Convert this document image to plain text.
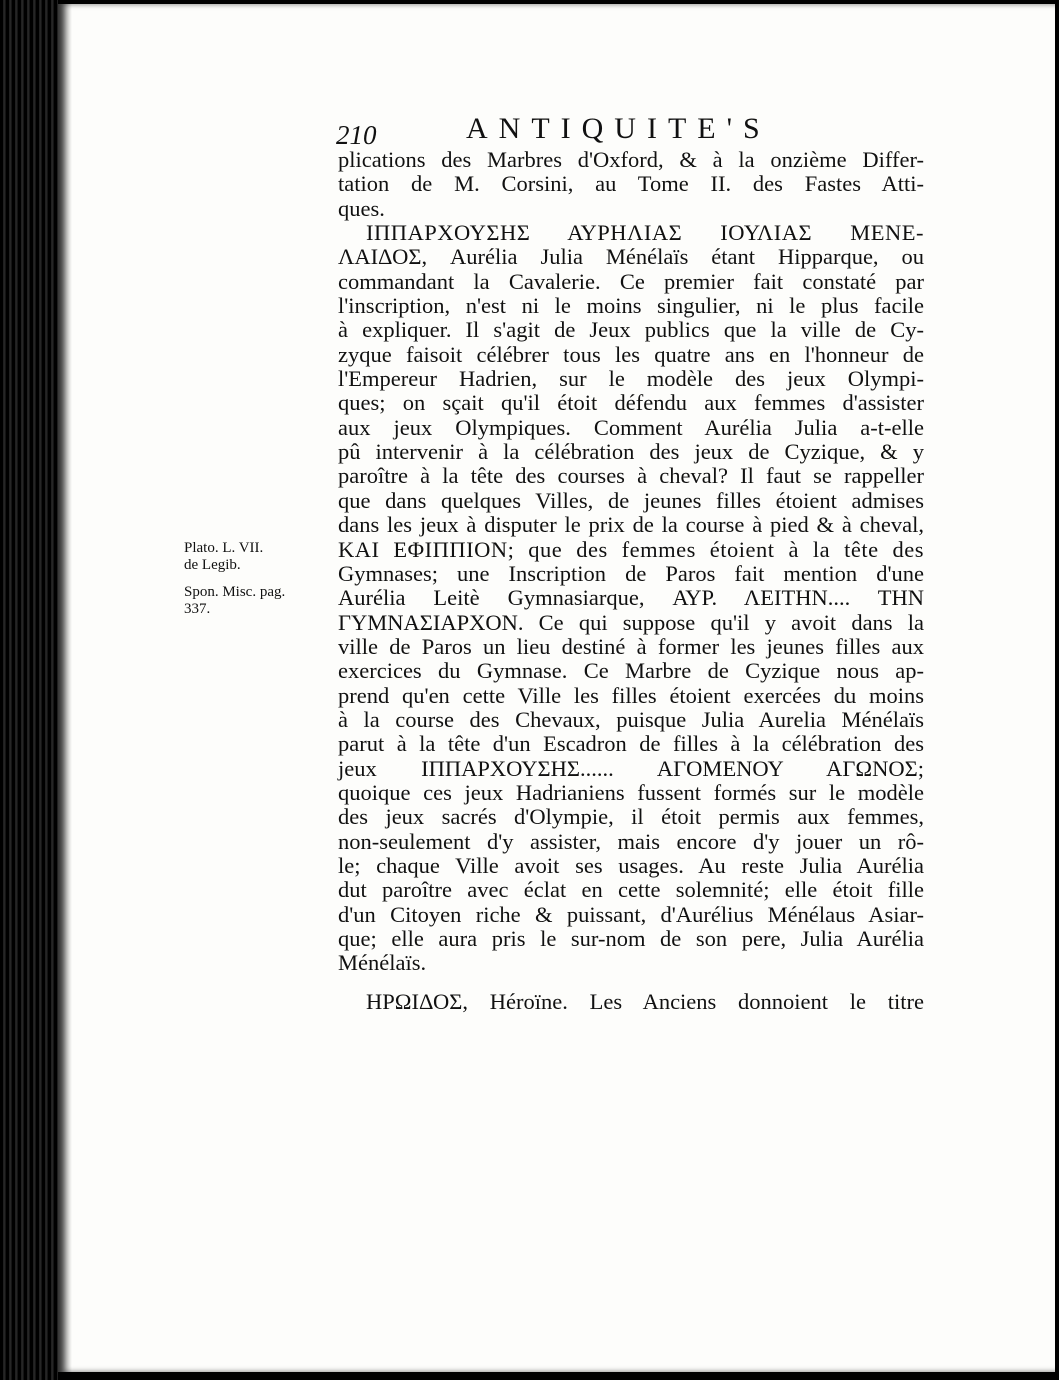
210	ANTIQUITE'S
Plato. L. VII.
de Legib.
Spon. Misc. pag.
337.
plications des Marbres d'Oxford, & à la onzième Differ-
tation de M. Corsini, au Tome II. des Fastes Atti-
ques.
ΙΠΠΑΡΧΟΥΣΗΣ ΑΥΡΗΛΙΑΣ ΙΟΥΛΙΑΣ ΜΕΝΕ-
ΛΑΙΔΟΣ, Aurélia Julia Ménélaïs étant Hipparque, ou
commandant la Cavalerie. Ce premier fait constaté par
l'inscription, n'est ni le moins singulier, ni le plus facile
à expliquer. Il s'agit de Jeux publics que la ville de Cy-
zyque faisoit célébrer tous les quatre ans en l'honneur de
l'Empereur Hadrien, sur le modèle des jeux Olympi-
ques; on sçait qu'il étoit défendu aux femmes d'assister
aux jeux Olympiques. Comment Aurélia Julia a-t-elle
pû intervenir à la célébration des jeux de Cyzique, & y
paroître à la tête des courses à cheval? Il faut se rappeller
que dans quelques Villes, de jeunes filles étoient admises
dans les jeux à disputer le prix de la course à pied & à cheval,
ΚΑΙ ΕΦΙΠΠΙΟΝ; que des femmes étoient à la tête des
Gymnases; une Inscription de Paros fait mention d'une
Aurélia Leitè Gymnasiarque, ΑΥΡ. ΛΕΙΤΗΝ.... ΤΗΝ
ΓΥΜΝΑΣΙΑΡΧΟΝ. Ce qui suppose qu'il y avoit dans la
ville de Paros un lieu destiné à former les jeunes filles aux
exercices du Gymnase. Ce Marbre de Cyzique nous ap-
prend qu'en cette Ville les filles étoient exercées du moins
à la course des Chevaux, puisque Julia Aurelia Ménélaïs
parut à la tête d'un Escadron de filles à la célébration des
jeux ΙΠΠΑΡΧΟΥΣΗΣ...... ΑΓΟΜΕΝΟΥ ΑΓΩΝΟΣ;
quoique ces jeux Hadrianiens fussent formés sur le modèle
des jeux sacrés d'Olympie, il étoit permis aux femmes,
non-seulement d'y assister, mais encore d'y jouer un rô-
le; chaque Ville avoit ses usages. Au reste Julia Aurélia
dut paroître avec éclat en cette solemnité; elle étoit fille
d'un Citoyen riche & puissant, d'Aurélius Ménélaus Asiar-
que; elle aura pris le sur-nom de son pere, Julia Aurélia
Ménélaïs.
ΗΡΩΙΔΟΣ, Héroïne. Les Anciens donnoient le titre
